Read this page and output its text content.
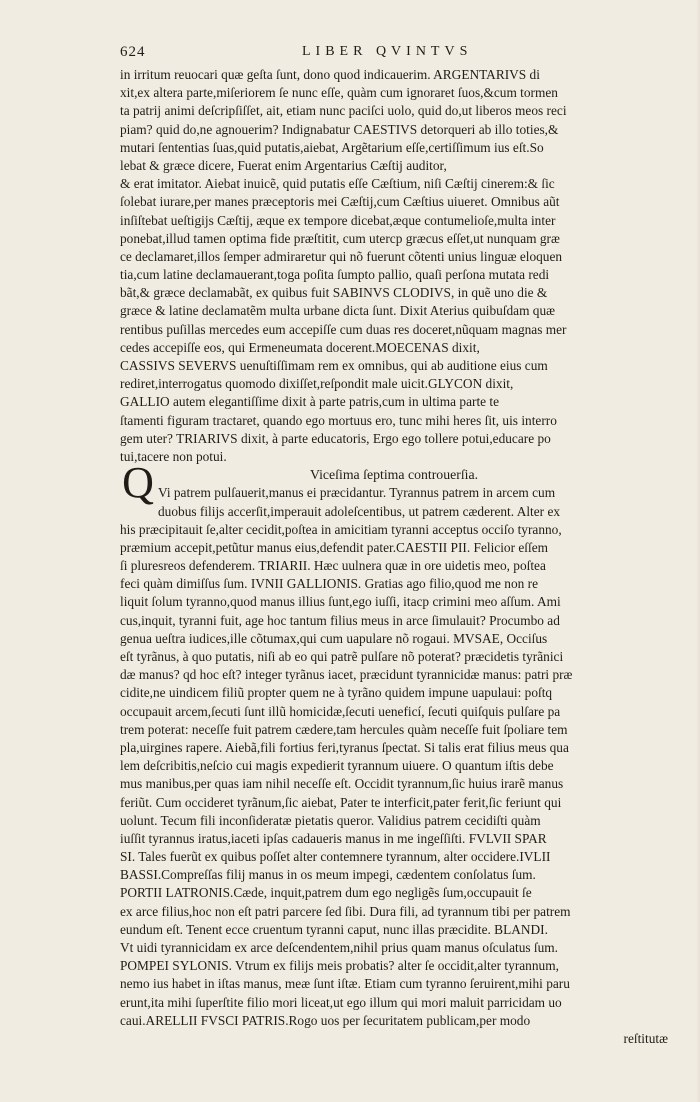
624	LIBER QVINTVS
Q
in irritum reuocari quæ geſta ſunt, dono quod indicauerim. ARGENTARIVS di
xit,ex altera parte,miſeriorem ſe nunc eſſe, quàm cum ignoraret ſuos,&cum tormen
ta patrij animi deſcripſiſſet, ait, etiam nunc paciſci uolo, quid do,ut liberos meos reci
piam? quid do,ne agnouerim? Indignabatur CAESTIVS detorqueri ab illo toties,&
mutari ſententias ſuas,quid putatis,aiebat, Argẽtarium eſſe,certiſſimum ius eſt.So
lebat & græce dicere, Fuerat enim Argentarius Cæſtij auditor,
& erat imitator. Aiebat inuicẽ, quid putatis eſſe Cæſtium, niſi Cæſtij cinerem:& ſic
ſolebat iurare,per manes præceptoris mei Cæſtij,cum Cæſtius uiueret. Omnibus aũt
inſiſtebat ueſtigijs Cæſtij, æque ex tempore dicebat,æque contumelioſe,multa inter
ponebat,illud tamen optima fide præſtitit, cum utercp græcus eſſet,ut nunquam græ
ce declamaret,illos ſemper admiraretur qui nõ fuerunt cõtenti unius linguæ eloquen
tia,cum latine declamauerant,toga poſita ſumpto pallio, quaſi perſona mutata redi
bãt,& græce declamabãt, ex quibus fuit SABINVS CLODIVS, in quẽ uno die &
græce & latine declamatẽm multa urbane dicta ſunt. Dixit Aterius quibuſdam quæ
rentibus puſillas mercedes eum accepiſſe cum duas res doceret,nũquam magnas mer
cedes accepiſſe eos, qui Ermeneumata docerent.MOECENAS dixit,
CASSIVS SEVERVS uenuſtiſſimam rem ex omnibus, qui ab auditione eius cum
rediret,interrogatus quomodo dixiſſet,reſpondit male uicit.GLYCON dixit,
GALLIO autem elegantiſſime dixit à parte patris,cum in ultima parte te
ſtamenti figuram tractaret, quando ego mortuus ero, tunc mihi heres ſit, uis interro
gem uter? TRIARIVS dixit, à parte educatoris, Ergo ego tollere potui,educare po
tui,tacere non potui.
Viceſima ſeptima controuerſia.
Vi patrem pulſauerit,manus ei præcidantur. Tyrannus patrem in arcem cum
duobus filijs accerſit,imperauit adoleſcentibus, ut patrem cæderent. Alter ex
his præcipitauit ſe,alter cecidit,poſtea in amicitiam tyranni acceptus occiſo tyranno,
præmium accepit,petũtur manus eius,defendit pater.CAESTII PII. Felicior eſſem
ſi pluresreos defenderem. TRIARII. Hæc uulnera quæ in ore uidetis meo, poſtea
feci quàm dimiſſus ſum. IVNII GALLIONIS. Gratias ago filio,quod me non re
liquit ſolum tyranno,quod manus illius ſunt,ego iuſſi, itacp crimini meo aſſum. Ami
cus,inquit, tyranni fuit, age hoc tantum filius meus in arce ſimulauit? Procumbo ad
genua ueſtra iudices,ille cõtumax,qui cum uapulare nõ rogaui. MVSAE, Occiſus
eſt tyrãnus, à quo putatis, niſi ab eo qui patrẽ pulſare nõ poterat? præcidetis tyrãnici
dæ manus? qd hoc eſt? integer tyrãnus iacet, præcidunt tyrannicidæ manus: patri præ
cidite,ne uindicem filiũ propter quem ne à tyrãno quidem impune uapulaui: poſtq
occupauit arcem,ſecuti ſunt illũ homicidæ,ſecuti ueneficí, ſecuti quiſquis pulſare pa
trem poterat: neceſſe fuit patrem cædere,tam hercules quàm neceſſe fuit ſpoliare tem
pla,uirgines rapere. Aiebã,fili fortius feri,tyranus ſpectat. Si talis erat filius meus qua
lem deſcribitis,neſcio cui magis expedierit tyrannum uiuere. O quantum iſtis debe
mus manibus,per quas iam nihil neceſſe eſt. Occidit tyrannum,ſic huius irarẽ manus
feriũt. Cum occideret tyrãnum,ſic aiebat, Pater te interficit,pater ferit,ſic feriunt qui
uolunt. Tecum fili inconſideratæ pietatis queror. Validius patrem cecidiſti quàm
iuſſit tyrannus iratus,iaceti ipſas cadaueris manus in me ingeſſiſti. FVLVII SPAR
SI. Tales fuerũt ex quibus poſſet alter contemnere tyrannum, alter occidere.IVLII
BASSI.Compreſſas filij manus in os meum impegi, cædentem conſolatus ſum.
PORTII LATRONIS.Cæde, inquit,patrem dum ego negligẽs ſum,occupauit ſe
ex arce filius,hoc non eſt patri parcere ſed ſibi. Dura fili, ad tyrannum tibi per patrem
eundum eſt. Tenent ecce cruentum tyranni caput, nunc illas præcidite. BLANDI.
Vt uidi tyrannicidam ex arce deſcendentem,nihil prius quam manus oſculatus ſum.
POMPEI SYLONIS. Vtrum ex filijs meis probatis? alter ſe occidit,alter tyrannum,
nemo ius habet in iſtas manus, meæ ſunt iſtæ. Etiam cum tyranno ſeruirent,mihi paru
erunt,ita mihi ſuperſtite filio mori liceat,ut ego illum qui mori maluit parricidam uo
caui.ARELLII FVSCI PATRIS.Rogo uos per ſecuritatem publicam,per modo
reſtitutæ
